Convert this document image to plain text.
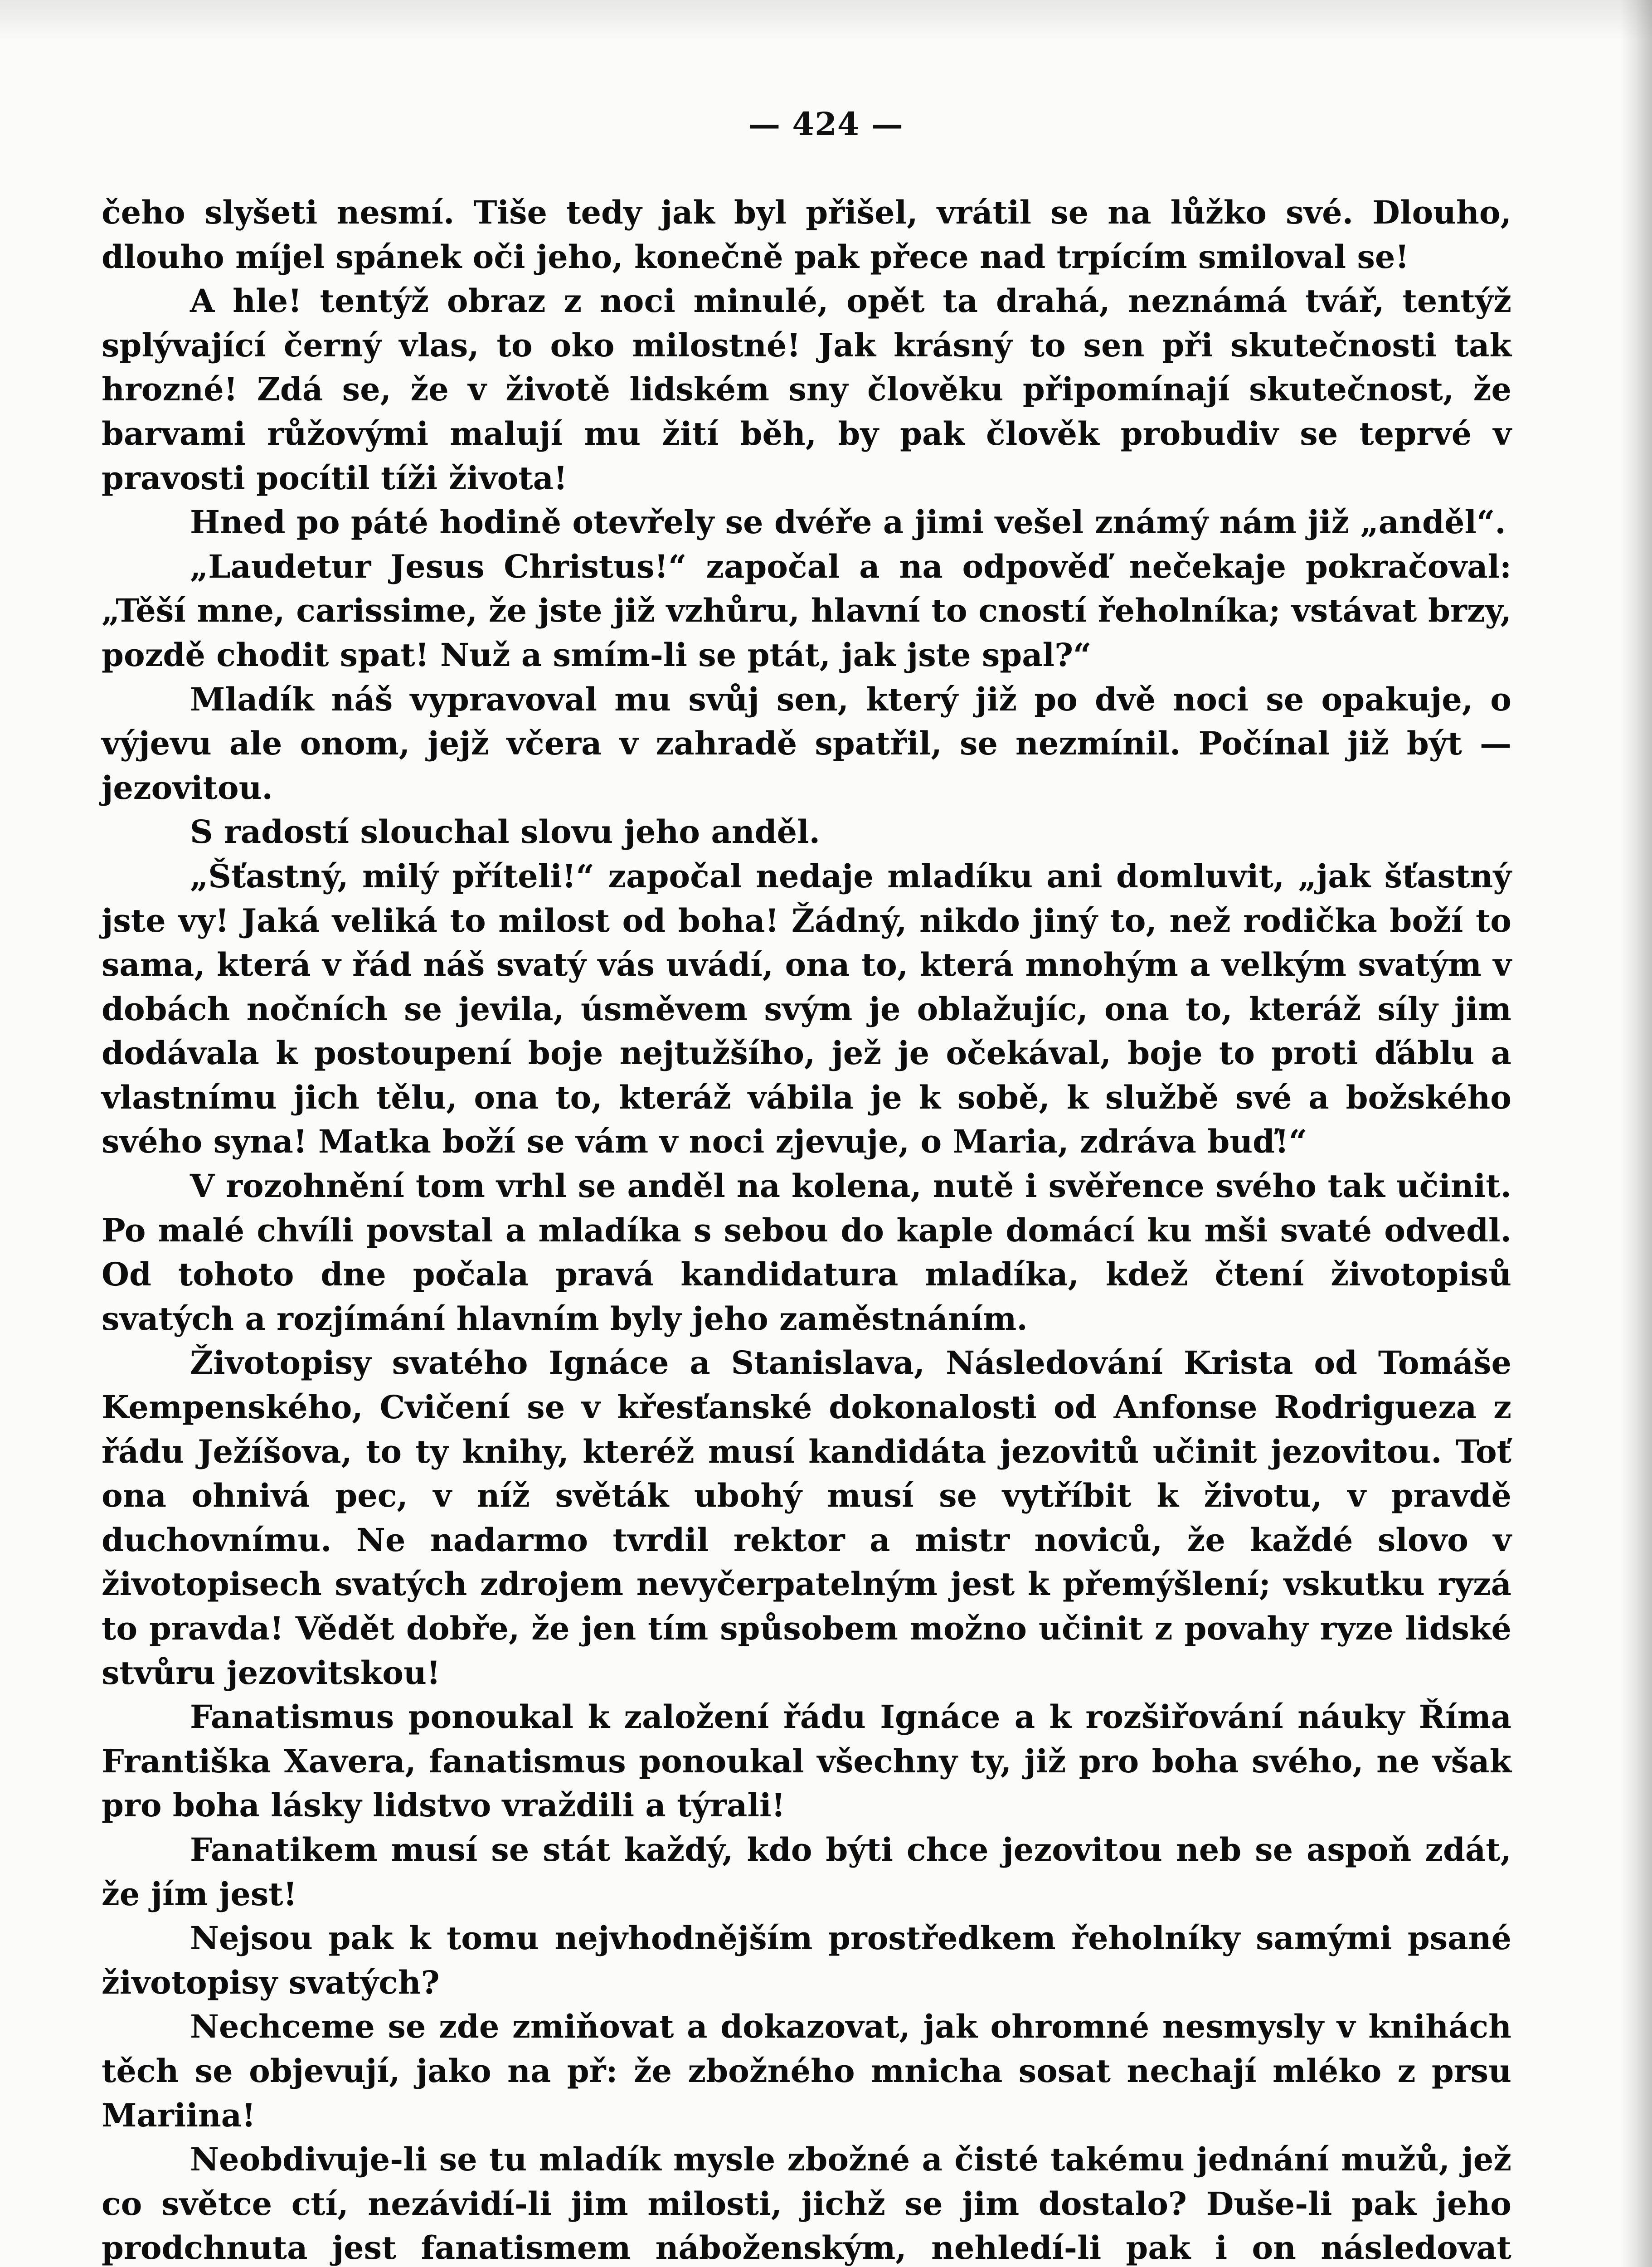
— 424 —

čeho slyšeti nesmí. Tiše tedy jak byl přišel, vrátil se na lůžko své. Dlouho, dlouho míjel spánek oči jeho, konečně pak přece nad trpícím smiloval se!

A hle! tentýž obraz z noci minulé, opět ta drahá, neznámá tvář, tentýž splývající černý vlas, to oko milostné! Jak krásný to sen při skutečnosti tak hrozné! Zdá se, že v životě lidském sny člověku připomínají skutečnost, že barvami růžovými malují mu žití běh, by pak člověk probudiv se teprvé v pravosti pocítil tíži života!

Hned po páté hodině otevřely se dvéře a jimi vešel známý nám již „anděl“.

„Laudetur Jesus Christus!“ započal a na odpověď nečekaje pokračoval: „Těší mne, carissime, že jste již vzhůru, hlavní to cností řeholníka; vstávat brzy, pozdě chodit spat! Nuž a smím-li se ptát, jak jste spal?“

Mladík náš vypravoval mu svůj sen, který již po dvě noci se opakuje, o výjevu ale onom, jejž včera v zahradě spatřil, se nezmínil. Počínal již být — jezovitou.

S radostí slouchal slovu jeho anděl.

„Šťastný, milý příteli!“ započal nedaje mladíku ani domluvit, „jak šťastný jste vy! Jaká veliká to milost od boha! Žádný, nikdo jiný to, než rodička boží to sama, která v řád náš svatý vás uvádí, ona to, která mnohým a velkým svatým v dobách nočních se jevila, úsměvem svým je oblažujíc, ona to, kteráž síly jim dodávala k postoupení boje nejtužšího, jež je očekával, boje to proti ďáblu a vlastnímu jich tělu, ona to, kteráž vábila je k sobě, k službě své a božského svého syna! Matka boží se vám v noci zjevuje, o Maria, zdráva buď!“

V rozohnění tom vrhl se anděl na kolena, nutě i svěřence svého tak učinit. Po malé chvíli povstal a mladíka s sebou do kaple domácí ku mši svaté odvedl. Od tohoto dne počala pravá kandidatura mladíka, kdež čtení životopisů svatých a rozjímání hlavním byly jeho zaměstnáním.

Životopisy svatého Ignáce a Stanislava, Následování Krista od Tomáše Kempenského, Cvičení se v křesťanské dokonalosti od Anfonse Rodrigueza z řádu Ježíšova, to ty knihy, kteréž musí kandidáta jezovitů učinit jezovitou. Toť ona ohnivá pec, v níž světák ubohý musí se vytříbit k životu, v pravdě duchovnímu. Ne nadarmo tvrdil rektor a mistr noviců, že každé slovo v životopisech svatých zdrojem nevyčerpatelným jest k přemýšlení; vskutku ryzá to pravda! Vědět dobře, že jen tím spůsobem možno učinit z povahy ryze lidské stvůru jezovitskou!

Fanatismus ponoukal k založení řádu Ignáce a k rozšiřování náuky Říma Františka Xavera, fanatismus ponoukal všechny ty, již pro boha svého, ne však pro boha lásky lidstvo vraždili a týrali!

Fanatikem musí se stát každý, kdo býti chce jezovitou neb se aspoň zdát, že jím jest!

Nejsou pak k tomu nejvhodnějším prostředkem řeholníky samými psané životopisy svatých?

Nechceme se zde zmiňovat a dokazovat, jak ohromné nesmysly v knihách těch se objevují, jako na př: že zbožného mnicha sosat nechají mléko z prsu Mariina!

Neobdivuje-li se tu mladík mysle zbožné a čisté takému jednání mužů, jež co světce ctí, nezávidí-li jim milosti, jichž se jim dostalo? Duše-li pak jeho prodchnuta jest fanatismem náboženským, nehledí-li pak i on následovat
